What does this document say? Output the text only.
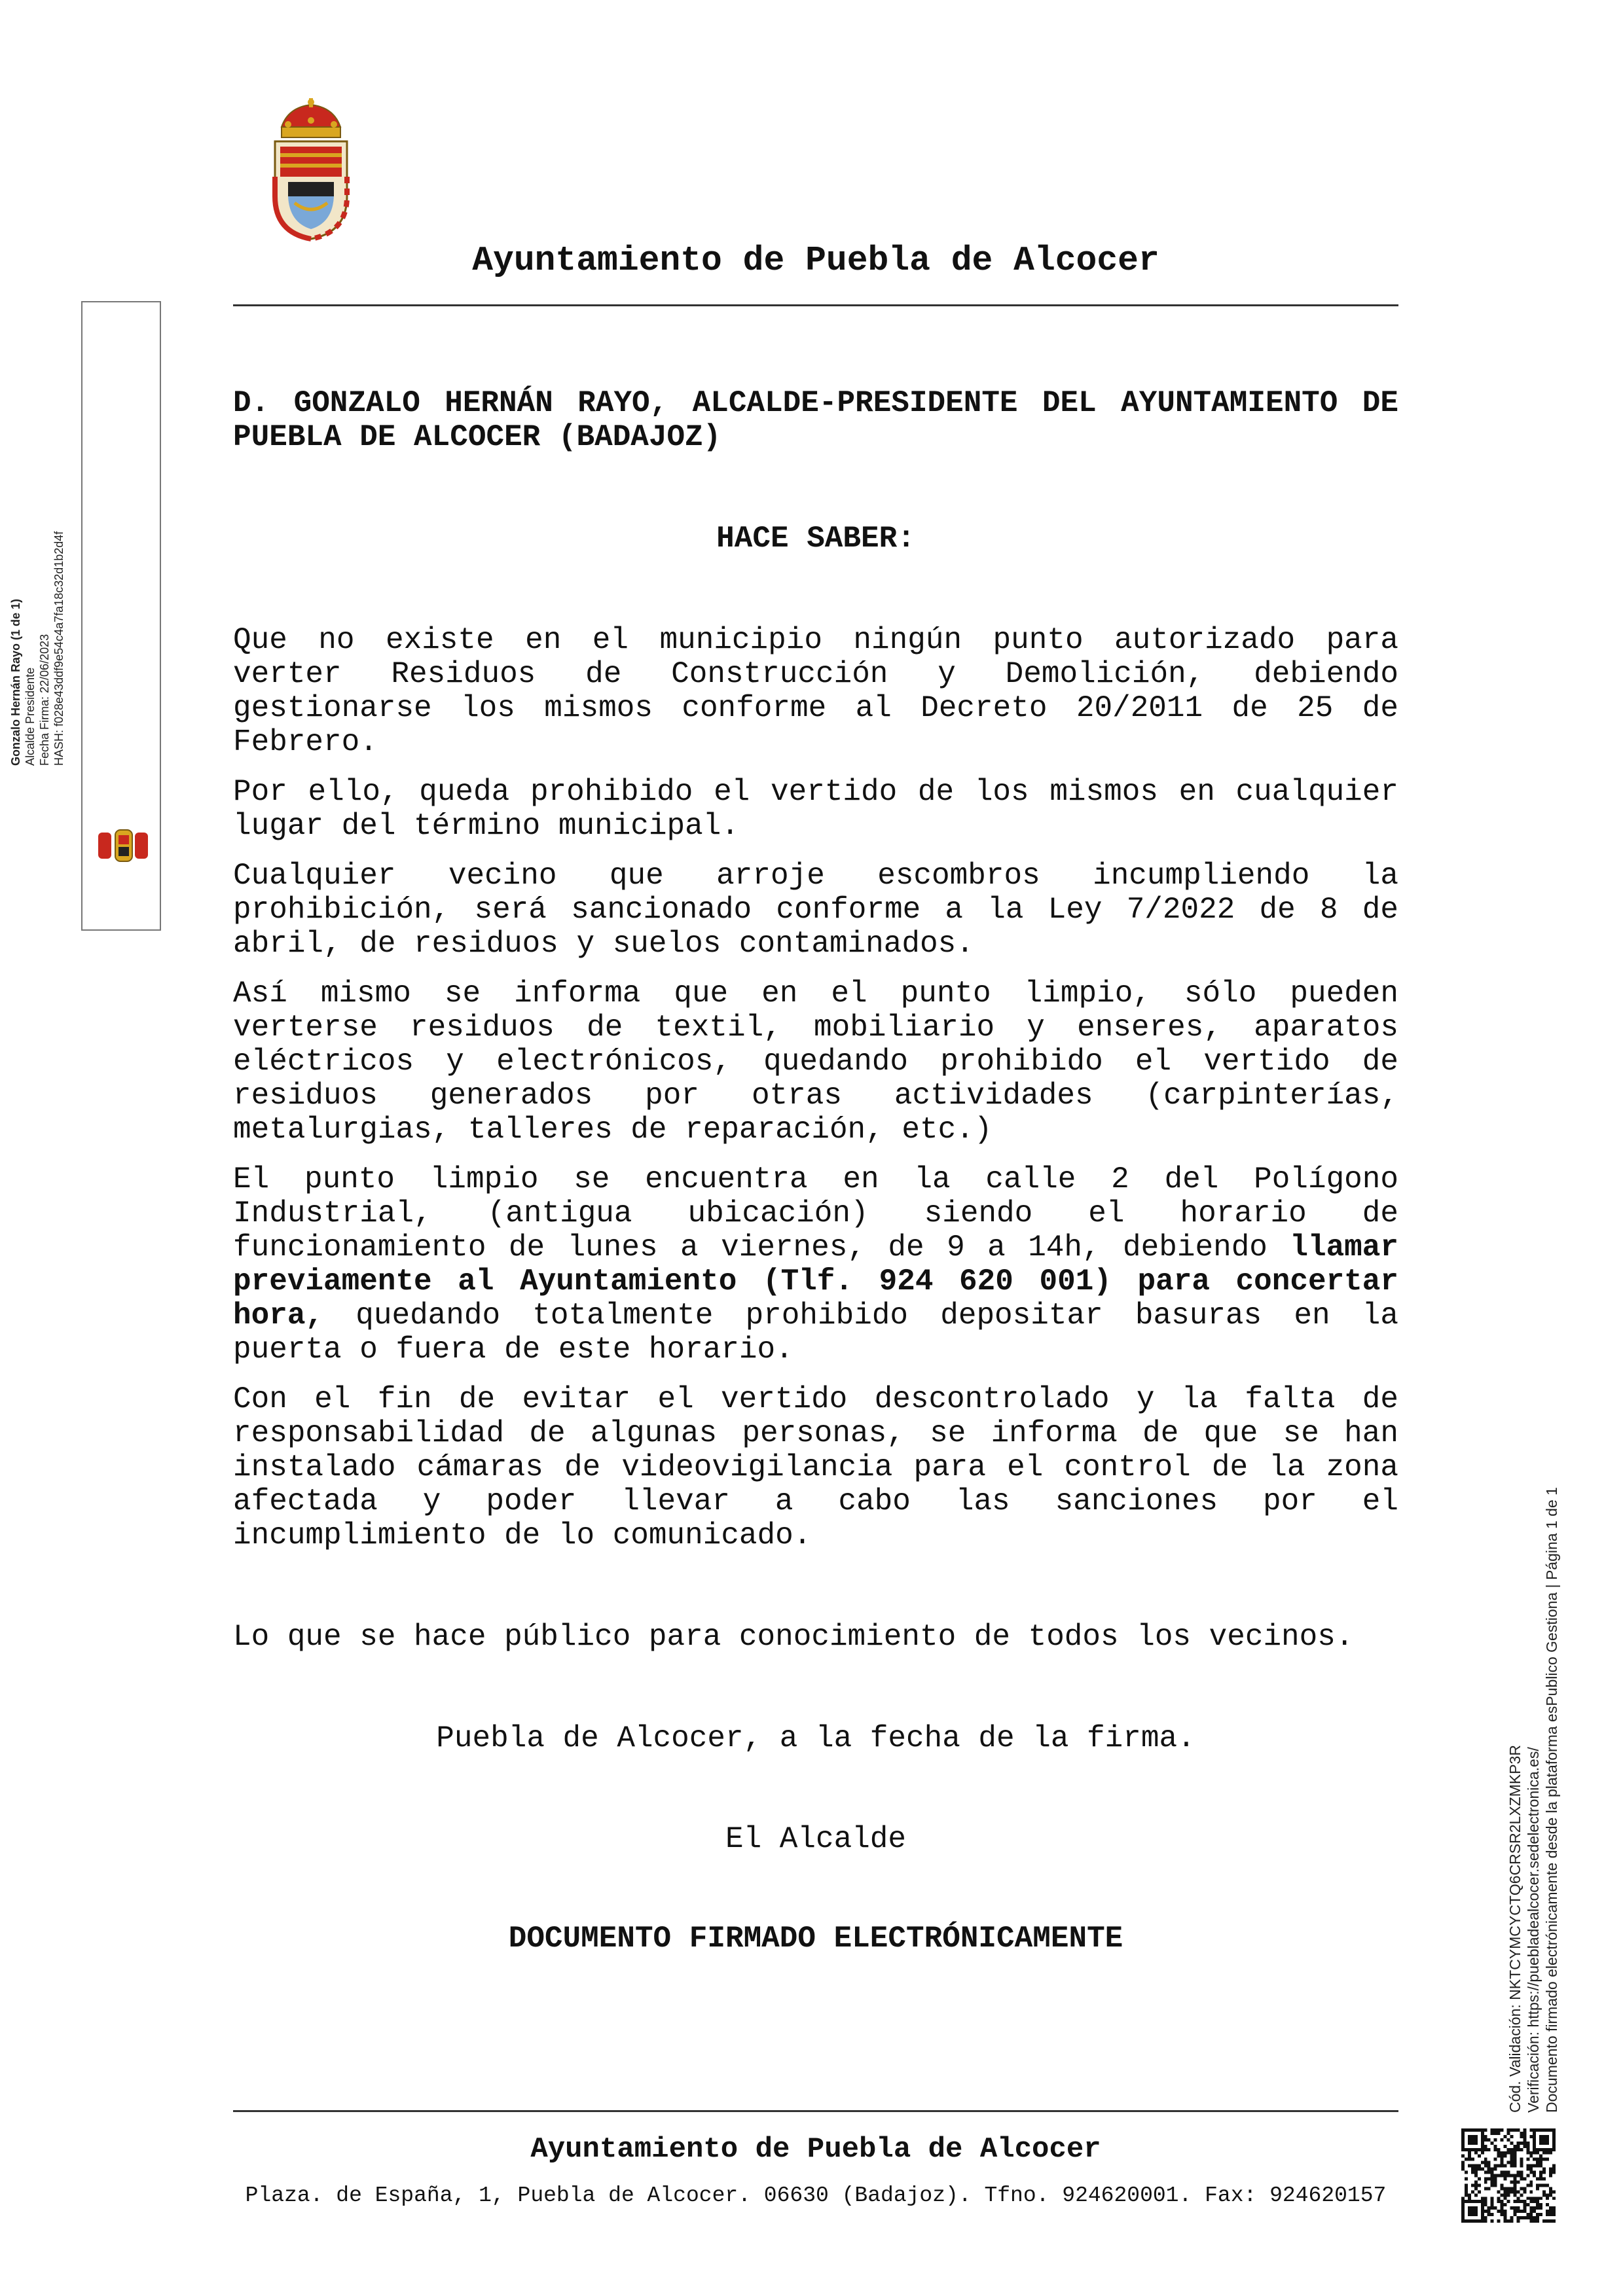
Ayuntamiento de Puebla de Alcocer
Gonzalo Hernán Rayo (1 de 1) Alcalde Presidente Fecha Firma: 22/06/2023 HASH: f028e43ddf9e54c4a7fa18c32d1b2d4f
D. GONZALO HERNÁN RAYO, ALCALDE-PRESIDENTE DEL AYUNTAMIENTO DE PUEBLA DE ALCOCER (BADAJOZ)
HACE SABER:

Que no existe en el municipio ningún punto autorizado para verter Residuos de Construcción y Demolición, debiendo gestionarse los mismos conforme al Decreto 20/2011 de 25 de Febrero.

Por ello, queda prohibido el vertido de los mismos en cualquier lugar del término municipal.

Cualquier vecino que arroje escombros incumpliendo la prohibición, será sancionado conforme a la Ley 7/2022 de 8 de abril, de residuos y suelos contaminados.

Así mismo se informa que en el punto limpio, sólo pueden verterse residuos de textil, mobiliario y enseres, aparatos eléctricos y electrónicos, quedando prohibido el vertido de residuos generados por otras actividades (carpinterías, metalurgias, talleres de reparación, etc.)

El punto limpio se encuentra en la calle 2 del Polígono Industrial, (antigua ubicación) siendo el horario de funcionamiento de lunes a viernes, de 9 a 14h, debiendo llamar previamente al Ayuntamiento (Tlf. 924 620 001) para concertar hora, quedando totalmente prohibido depositar basuras en la puerta o fuera de este horario.

Con el fin de evitar el vertido descontrolado y la falta de responsabilidad de algunas personas, se informa de que se han instalado cámaras de videovigilancia para el control de la zona afectada y poder llevar a cabo las sanciones por el incumplimiento de lo comunicado.

Lo que se hace público para conocimiento de todos los vecinos.
Puebla de Alcocer, a la fecha de la firma.
El Alcalde
DOCUMENTO FIRMADO ELECTRÓNICAMENTE	Cód. Validación: NKTCYMCYCTQ6CRSR2LXZMKP3R Verificación: https://puebladealcocer.sedelectronica.es/ Documento firmado electrónicamente desde la plataforma esPublico Gestiona | Página 1 de 1
Ayuntamiento de Puebla de Alcocer
Plaza. de España, 1, Puebla de Alcocer. 06630 (Badajoz). Tfno. 924620001. Fax: 924620157
